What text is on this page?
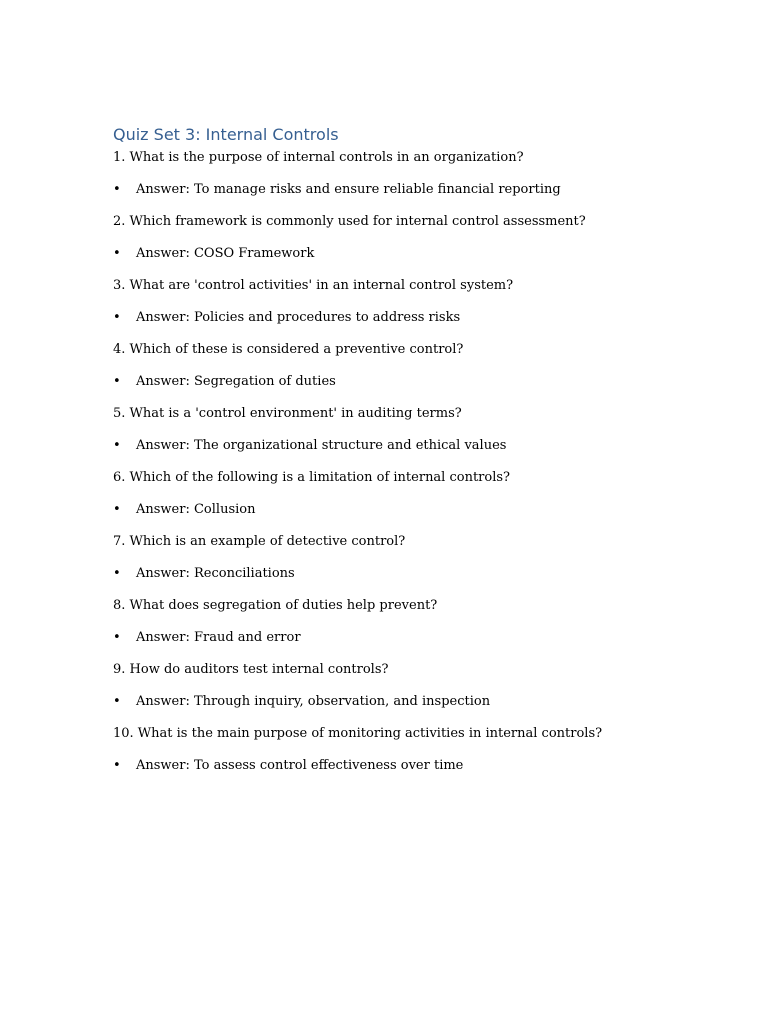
Quiz Set 3: Internal Controls
1. What is the purpose of internal controls in an organization?
• Answer: To manage risks and ensure reliable financial reporting
2. Which framework is commonly used for internal control assessment?
• Answer: COSO Framework
3. What are 'control activities' in an internal control system?
• Answer: Policies and procedures to address risks
4. Which of these is considered a preventive control?
• Answer: Segregation of duties
5. What is a 'control environment' in auditing terms?
• Answer: The organizational structure and ethical values
6. Which of the following is a limitation of internal controls?
• Answer: Collusion
7. Which is an example of detective control?
• Answer: Reconciliations
8. What does segregation of duties help prevent?
• Answer: Fraud and error
9. How do auditors test internal controls?
• Answer: Through inquiry, observation, and inspection
10. What is the main purpose of monitoring activities in internal controls?
• Answer: To assess control effectiveness over time
